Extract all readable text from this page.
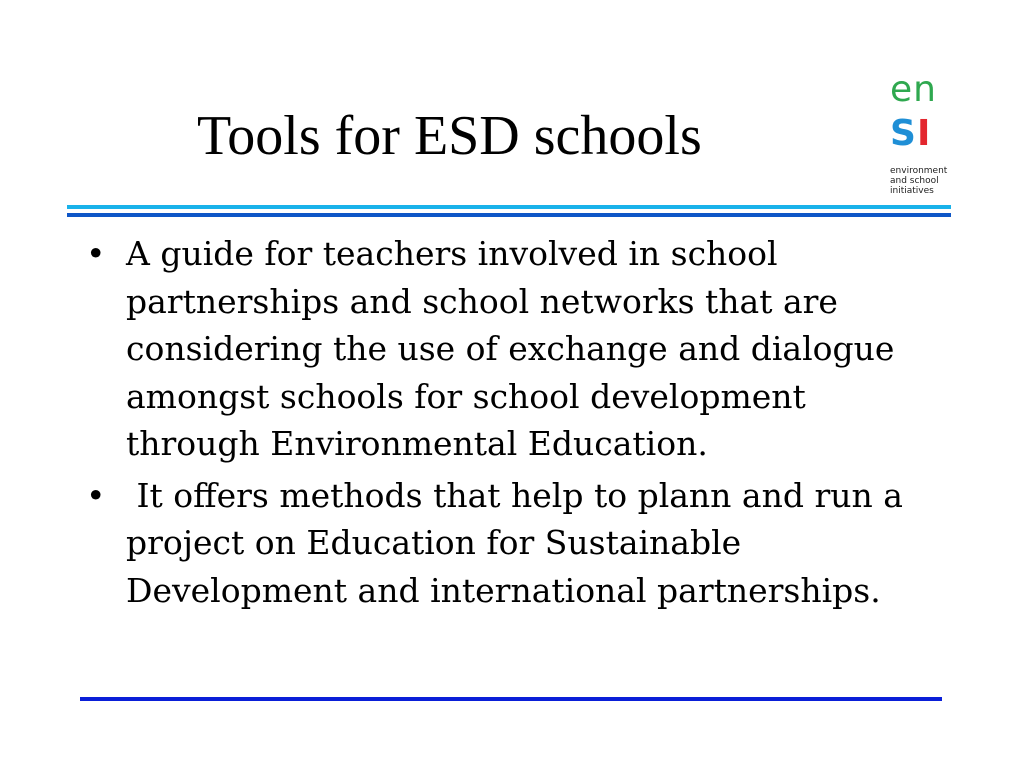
Tools for ESD schools
en
SI
environment
and school
initiatives
• A guide for teachers involved in school
partnerships and school networks that are
considering the use of exchange and dialogue
amongst schools for school development
through Environmental Education.
• It offers methods that help to plann and run a
project on Education for Sustainable
Development and international partnerships.
